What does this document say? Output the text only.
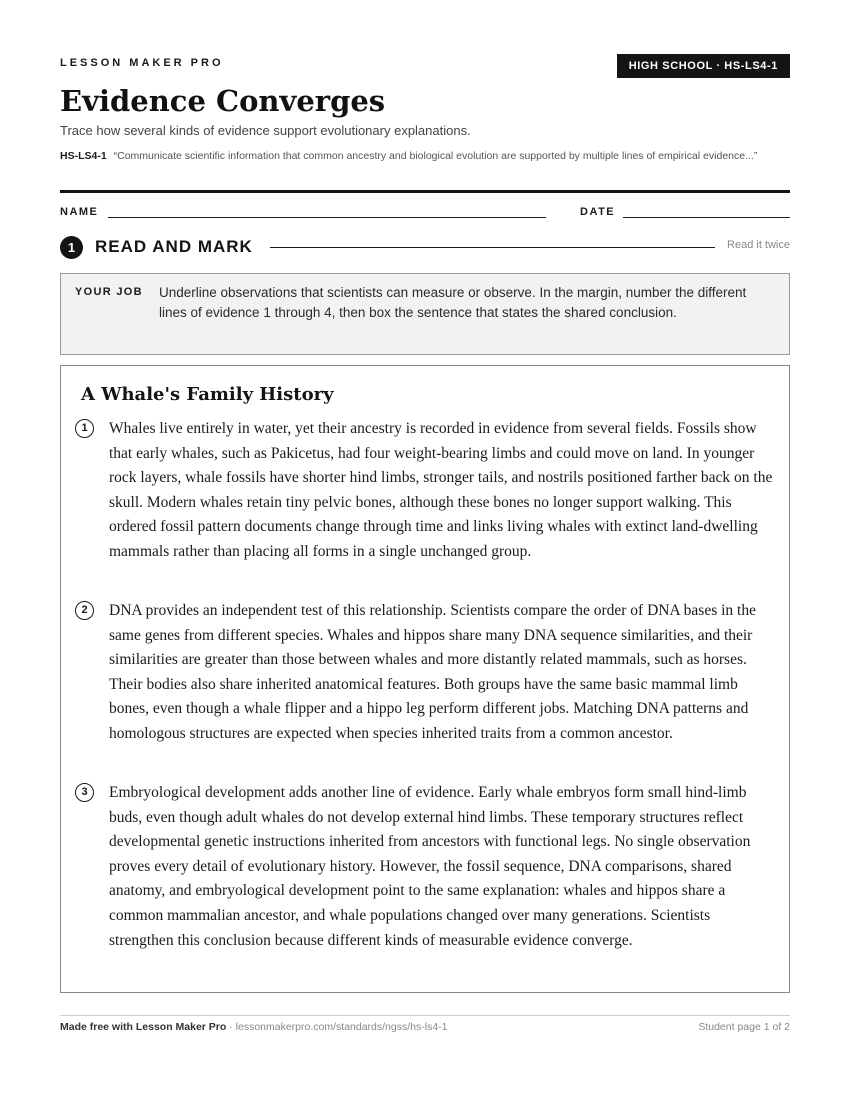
LESSON MAKER PRO	HIGH SCHOOL · HS-LS4-1
Evidence Converges
Trace how several kinds of evidence support evolutionary explanations.
HS-LS4-1 “Communicate scientific information that common ancestry and biological evolution are supported by multiple lines of empirical evidence...”
NAME	DATE
1	READ AND MARK	Read it twice
YOUR JOB Underline observations that scientists can measure or observe. In the margin, number the different lines of evidence 1 through 4, then box the sentence that states the shared conclusion.
A Whale's Family History
1	Whales live entirely in water, yet their ancestry is recorded in evidence from several fields. Fossils show that early whales, such as Pakicetus, had four weight-bearing limbs and could move on land. In younger rock layers, whale fossils have shorter hind limbs, stronger tails, and nostrils positioned farther back on the skull. Modern whales retain tiny pelvic bones, although these bones no longer support walking. This ordered fossil pattern documents change through time and links living whales with extinct land-dwelling mammals rather than placing all forms in a single unchanged group.

2	DNA provides an independent test of this relationship. Scientists compare the order of DNA bases in the same genes from different species. Whales and hippos share many DNA sequence similarities, and their similarities are greater than those between whales and more distantly related mammals, such as horses. Their bodies also share inherited anatomical features. Both groups have the same basic mammal limb bones, even though a whale flipper and a hippo leg perform different jobs. Matching DNA patterns and homologous structures are expected when species inherited traits from a common ancestor.

3	Embryological development adds another line of evidence. Early whale embryos form small hind-limb buds, even though adult whales do not develop external hind limbs. These temporary structures reflect developmental genetic instructions inherited from ancestors with functional legs. No single observation proves every detail of evolutionary history. However, the fossil sequence, DNA comparisons, shared anatomy, and embryological development point to the same explanation: whales and hippos share a common mammalian ancestor, and whale populations changed over many generations. Scientists strengthen this conclusion because different kinds of measurable evidence converge.

Made free with Lesson Maker Pro · lessonmakerpro.com/standards/ngss/hs-ls4-1	Student page 1 of 2
